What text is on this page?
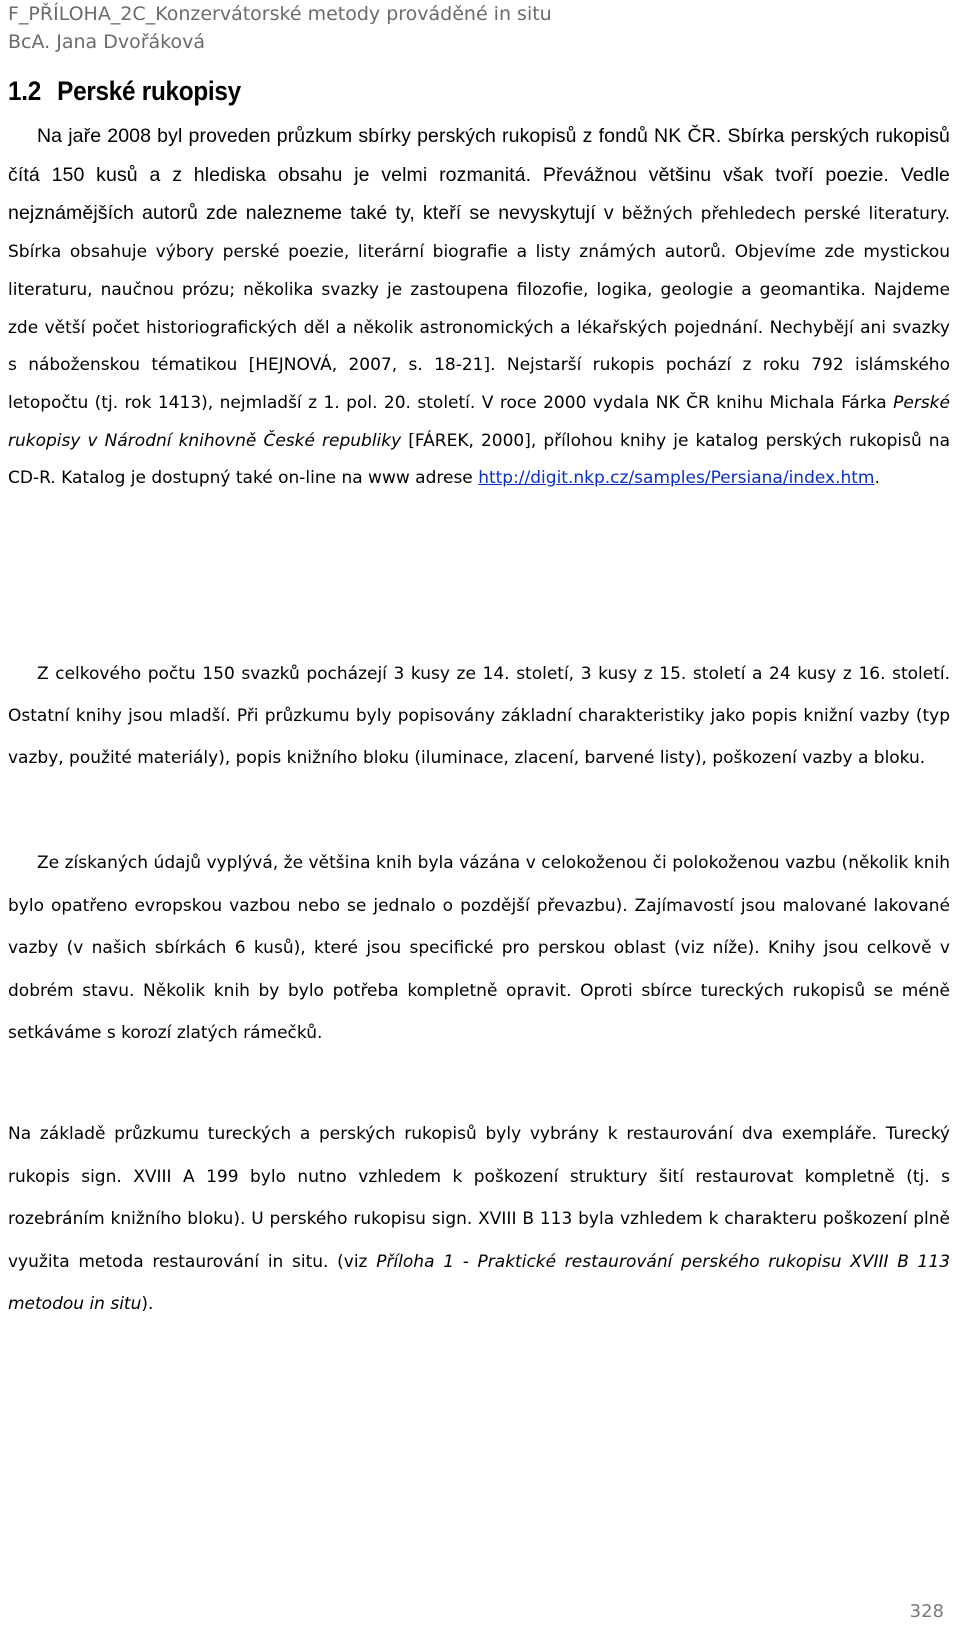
F_PŘÍLOHA_2C_Konzervátorské metody prováděné in situ
BcA. Jana Dvořáková
1.2 Perské rukopisy

Na jaře 2008 byl proveden průzkum sbírky perských rukopisů z fondů NK ČR. Sbírka perských rukopisů čítá 150 kusů a z hlediska obsahu je velmi rozmanitá. Převážnou většinu však tvoří poezie. Vedle nejznámějších autorů zde nalezneme také ty, kteří se nevyskytují v běžných přehledech perské literatury. Sbírka obsahuje výbory perské poezie, literární biografie a listy známých autorů. Objevíme zde mystickou literaturu, naučnou prózu; několika svazky je zastoupena filozofie, logika, geologie a geomantika. Najdeme zde větší počet historiografických děl a několik astronomických a lékařských pojednání. Nechybějí ani svazky s náboženskou tématikou [HEJNOVÁ, 2007, s. 18-21]. Nejstarší rukopis pochází z roku 792 islámského letopočtu (tj. rok 1413), nejmladší z 1. pol. 20. století. V roce 2000 vydala NK ČR knihu Michala Fárka Perské rukopisy v Národní knihovně České republiky [FÁREK, 2000], přílohou knihy je katalog perských rukopisů na CD-R. Katalog je dostupný také on-line na www adrese http://digit.nkp.cz/samples/Persiana/index.htm.

Z celkového počtu 150 svazků pocházejí 3 kusy ze 14. století, 3 kusy z 15. století a 24 kusy z 16. století. Ostatní knihy jsou mladší. Při průzkumu byly popisovány základní charakteristiky jako popis knižní vazby (typ vazby, použité materiály), popis knižního bloku (iluminace, zlacení, barvené listy), poškození vazby a bloku.

Ze získaných údajů vyplývá, že většina knih byla vázána v celokoženou či polokoženou vazbu (několik knih bylo opatřeno evropskou vazbou nebo se jednalo o pozdější převazbu). Zajímavostí jsou malované lakované vazby (v našich sbírkách 6 kusů), které jsou specifické pro perskou oblast (viz níže). Knihy jsou celkově v dobrém stavu. Několik knih by bylo potřeba kompletně opravit. Oproti sbírce tureckých rukopisů se méně setkáváme s korozí zlatých rámečků.

Na základě průzkumu tureckých a perských rukopisů byly vybrány k restaurování dva exempláře. Turecký rukopis sign. XVIII A 199 bylo nutno vzhledem k poškození struktury šití restaurovat kompletně (tj. s rozebráním knižního bloku). U perského rukopisu sign. XVIII B 113 byla vzhledem k charakteru poškození plně využita metoda restaurování in situ. (viz Příloha 1 - Praktické restaurování perského rukopisu XVIII B 113 metodou in situ).

328
